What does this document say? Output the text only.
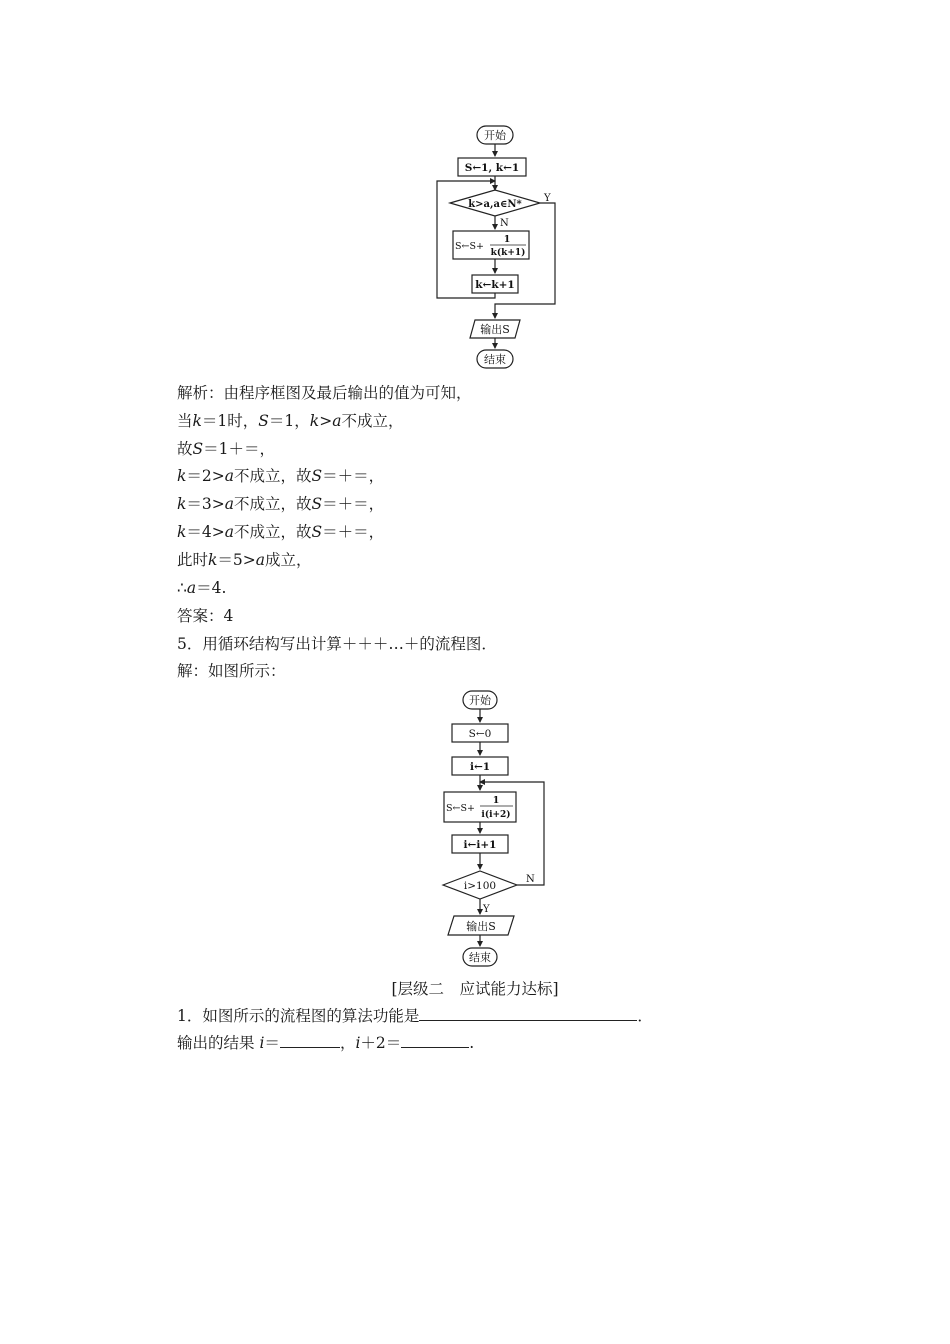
开始
S←1, k←1
k>a,a∈N*
Y
N
S←S+
1
k(k+1)
k←k+1
输出S
结束
解析：由程序框图及最后输出的值为可知，
当k＝1时，S＝1，k>a不成立，
故S＝1＋＝，
k＝2>a不成立，故S＝＋＝，
k＝3>a不成立，故S＝＋＝，
k＝4>a不成立，故S＝＋＝，
此时k＝5>a成立，
∴a＝4.
答案：4
5．用循环结构写出计算＋＋＋…＋的流程图．
解：如图所示：
开始
S←0
i←1
S←S+
1
i(i+2)
i←i+1
i>100
N
Y
输出S
结束
[层级二　应试能力达标]
1．如图所示的流程图的算法功能是	．
输出的结果 i＝	，i＋2＝	.
